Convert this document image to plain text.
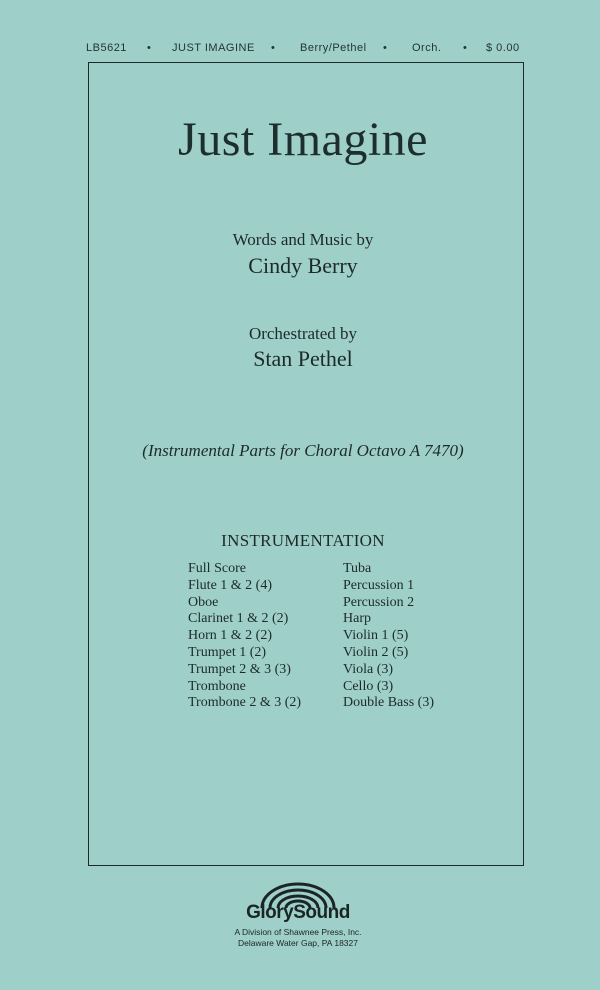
LB5621 • JUST IMAGINE • Berry/Pethel • Orch. • $ 0.00
Just Imagine
Words and Music by
Cindy Berry
Orchestrated by
Stan Pethel
(Instrumental Parts for Choral Octavo A 7470)
INSTRUMENTATION
Full Score
Flute 1 & 2 (4)
Oboe
Clarinet 1 & 2 (2)
Horn 1 & 2 (2)
Trumpet 1 (2)
Trumpet 2 & 3 (3)
Trombone
Trombone 2 & 3 (2)
Tuba
Percussion 1
Percussion 2
Harp
Violin 1 (5)
Violin 2 (5)
Viola (3)
Cello (3)
Double Bass (3)
GlorySound
A Division of Shawnee Press, Inc.
Delaware Water Gap, PA 18327
